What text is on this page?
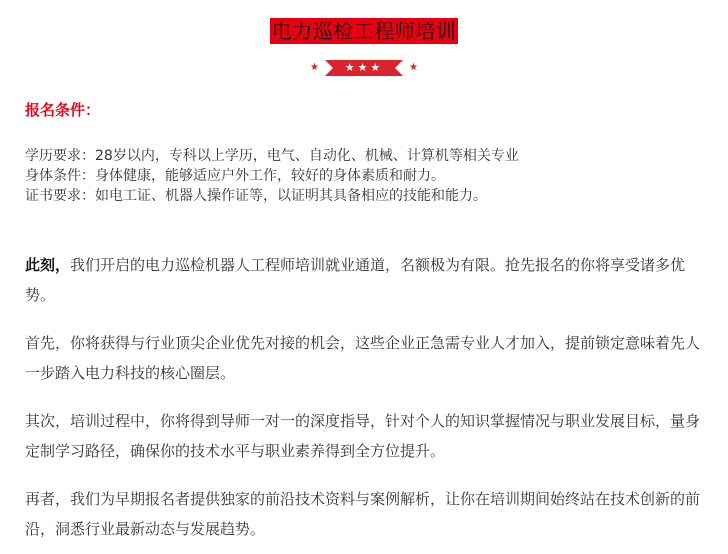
电力巡检工程师培训
★ ★★★	★
报名条件：
学历要求：28岁以内，专科以上学历，电气、自动化、机械、计算机等相关专业
身体条件：身体健康，能够适应户外工作，较好的身体素质和耐力。
证书要求：如电工证、机器人操作证等，以证明其具备相应的技能和能力。
此刻，我们开启的电力巡检机器人工程师培训就业通道，名额极为有限。抢先报名的你将享受诸多优势。
首先，你将获得与行业顶尖企业优先对接的机会，这些企业正急需专业人才加入，提前锁定意味着先人一步踏入电力科技的核心圈层。
其次，培训过程中，你将得到导师一对一的深度指导，针对个人的知识掌握情况与职业发展目标，量身定制学习路径，确保你的技术水平与职业素养得到全方位提升。
再者，我们为早期报名者提供独家的前沿技术资料与案例解析，让你在培训期间始终站在技术创新的前沿，洞悉行业最新动态与发展趋势。
